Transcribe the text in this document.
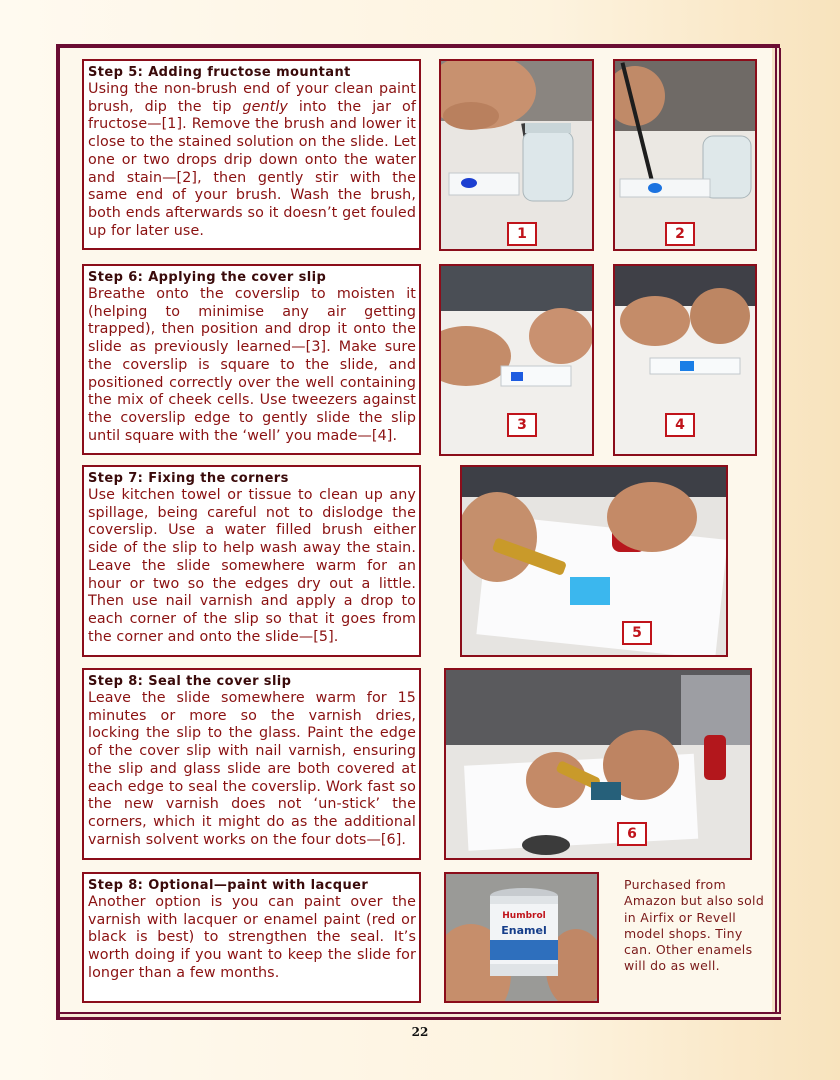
Step 5: Adding fructose mountant
Using the non-brush end of your clean paint brush, dip the tip gently into the jar of fructose—[1]. Remove the brush and lower it close to the stained solution on the slide. Let one or two drops drip down onto the water and stain—[2], then gently stir with the same end of your brush. Wash the brush, both ends afterwards so it doesn’t get fouled up for later use.
Step 6: Applying the cover slip
Breathe onto the coverslip to moisten it (helping to minimise any air getting trapped), then position and drop it onto the slide as previously learned—[3]. Make sure the coverslip is square to the slide, and positioned correctly over the well containing the mix of cheek cells. Use tweezers against the coverslip edge to gently slide the slip until square with the ‘well’ you made—[4].
Step 7: Fixing the corners
Use kitchen towel or tissue to clean up any spillage, being careful not to dislodge the coverslip. Use a water filled brush either side of the slip to help wash away the stain. Leave the slide somewhere warm for an hour or two so the edges dry out a little. Then use nail varnish and apply a drop to each corner of the slip so that it goes from the corner and onto the slide—[5].
Step 8: Seal the cover slip
Leave the slide somewhere warm for 15 minutes or more so the varnish dries, locking the slip to the glass. Paint the edge of the cover slip with nail varnish, ensuring the slip and glass slide are both covered at each edge to seal the coverslip. Work fast so the new varnish does not ‘un-stick’ the corners, which it might do as the additional varnish solvent works on the four dots—[6].
Step 8: Optional—paint with lacquer
Another option is you can paint over the varnish with lacquer or enamel paint (red or black is best) to strengthen the seal. It’s worth doing if you want to keep the slide for longer than a few months.
Enamel
Humbrol
Purchased from Amazon but also sold in Airfix or Revell model shops. Tiny can. Other enamels will do as well.
1	2
3	4
5
6
22
